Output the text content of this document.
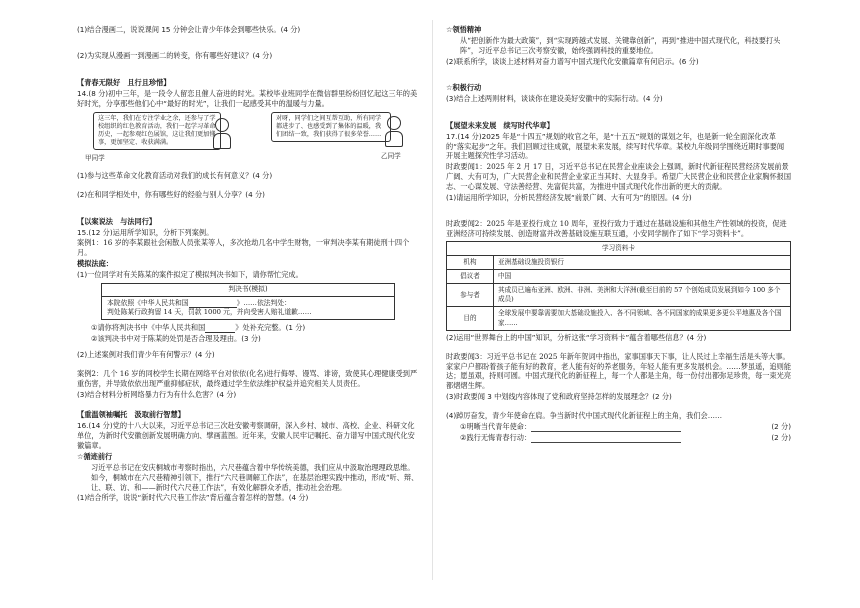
(1)结合漫画二，说说课间 15 分钟会让青少年体会到哪些快乐。(4 分)

(2)为实现从漫画一到漫画二的转变，你有哪些好建议？(4 分)

【青春无限好　且行且珍惜】

14.(8 分)初中三年，是一段令人留恋且催人奋进的时光。某校毕业班同学在微信群里纷纷回忆起这三年的美好时光，分享那些他们心中“最好的时光”，让我们一起感受其中的温暖与力量。

这三年，我们在专注学业之余，还参与了学校组织的红色教育活动，我们一起学习革命历史，一起参观红色展馆，这让我们更加懂事，更加坚定、收获满满。
甲同学
对呀，同学们之间互帮互助，所有同学都进步了、也感受到了集体的温暖，我们团结一致，我们获得了很多荣誉……
乙同学

(1)参与这些革命文化教育活动对我们的成长有何意义？(4 分)

(2)在和同学相处中，你有哪些好的经验与别人分享？(4 分)

【以案说法　与法同行】

15.(12 分)运用所学知识，分析下列案例。

案例1：16 岁的李某跟社会闲散人员张某等人，多次抢劫几名中学生财物，一审判决李某有期徒刑十四个月。

模拟法庭：

(1)一位同学对有关陈某的案件拟定了模拟判决书如下，请你帮忙完成。

判决书(模拟)
本院依照《中华人民共和国	》……依法判处：
判处陈某行政拘留 14 天，罚款 1000 元，并向受害人赔礼道歉……

①请你将判决书中《中华人民共和国	》处补充完整。(1 分)

②该判决书中对于陈某的处罚是否合理及理由。(3 分)

(2)上述案例对我们青少年有何警示？(4 分)

案例2：几个 16 岁的同校学生长期在网络平台对依依(化名)进行侮辱、谩骂、诽谤，致使其心理健康受到严重伤害，并导致依依出现严重抑郁症状，最终通过学生依法维护权益并追究相关人员责任。

(3)结合材料分析网络暴力行为有什么危害？(4 分)

【重温领袖嘱托　汲取前行智慧】

16.(14 分)党的十八大以来，习近平总书记三次赴安徽考察调研，深入乡村、城市、高校、企业、科研文化单位，为新时代安徽创新发展明确方向、擘画蓝图。近年来，安徽人民牢记嘱托、奋力谱写中国式现代化安徽篇章。

☆循迹前行

习近平总书记在安庆桐城市考察时指出，六尺巷蕴含着中华传统美德，我们应从中汲取治理理政思维。如今，桐城市在六尺巷精神引领下，推行“六尺巷调解工作法”，在基层治理实践中推动，形成“听、辩、让、联、访、和——新时代六尺巷工作法”，有效化解群众矛盾，推动社会治理。

(1)结合所学，说说“新时代六尺巷工作法”背后蕴含着怎样的智慧。(4 分)

☆领悟精神

从“把创新作为最大政策”，到“实现跨越式发展、关键靠创新”，再到“推进中国式现代化，科技要打头阵”，习近平总书记三次考察安徽，始终强调科技的重要地位。

(2)联系所学，谈谈上述材料对奋力谱写中国式现代化安徽篇章有何启示。(6 分)

☆积极行动

(3)结合上述两则材料，谈谈你在建设美好安徽中的实际行动。(4 分)

【展望未来发展　续写时代华章】

17.(14 分)2025 年是“十四五”规划的收官之年，是“十五五”规划的谋划之年，也是新一轮全面深化改革的“落实起步”之年。我们回顾过往成就，展望未来发展，续写时代华章。某校九年级同学围绕近期时事要闻开展主题探究性学习活动。

时政要闻1：2025 年 2 月 17 日，习近平总书记在民营企业座谈会上强调，新时代新征程民营经济发展前景广阔、大有可为，广大民营企业和民营企业家正当其时、大显身手。希望广大民营企业和民营企业家胸怀报国志、一心谋发展、守法善经营、先富促共富，为推进中国式现代化作出新的更大的贡献。

(1)请运用所学知识，分析民营经济发展“前景广阔、大有可为”的原因。(4 分)

时政要闻2：2025 年是亚投行成立 10 周年，亚投行致力于通过在基础设施和其他生产性领域的投资，促进亚洲经济可持续发展、创造财富并改善基础设施互联互通，小安同学制作了如下“学习资料卡”。

学习资料卡	
机构	亚洲基础设施投资银行
倡议者	中国
参与者	其成员已遍布亚洲、欧洲、非洲、美洲和大洋洲(截至目前的 57 个创始成员发展到如今 100 多个成员)
目的	全球发展中要靠需要加大基础设施投入、各不同领域、各不同国家的成果更多更公平地惠及各个国家……

(2)运用“世界舞台上的中国”知识，分析这张“学习资料卡”蕴含着哪些信息？(4 分)

时政要闻3：习近平总书记在 2025 年新年贺词中指出，家事国事天下事，让人民过上幸福生活是头等大事。家家户户都盼着孩子能有好的教育，老人能有好的养老服务，年轻人能有更多发展机会。……梦虽遥，追则能达；愿虽艰，持则可圆。中国式现代化的新征程上，每一个人都是主角，每一份付出都弥足珍贵，每一束光亮都熠熠生辉。

(3)时政要闻 3 中划线内容体现了党和政府坚持怎样的发展理念？(2 分)

(4)踔厉奋发，青少年使命在肩。争当新时代中国式现代化新征程上的主角，我们会……

①明晰当代青年使命：	(2 分)

②践行无悔青春行动：	(2 分)
